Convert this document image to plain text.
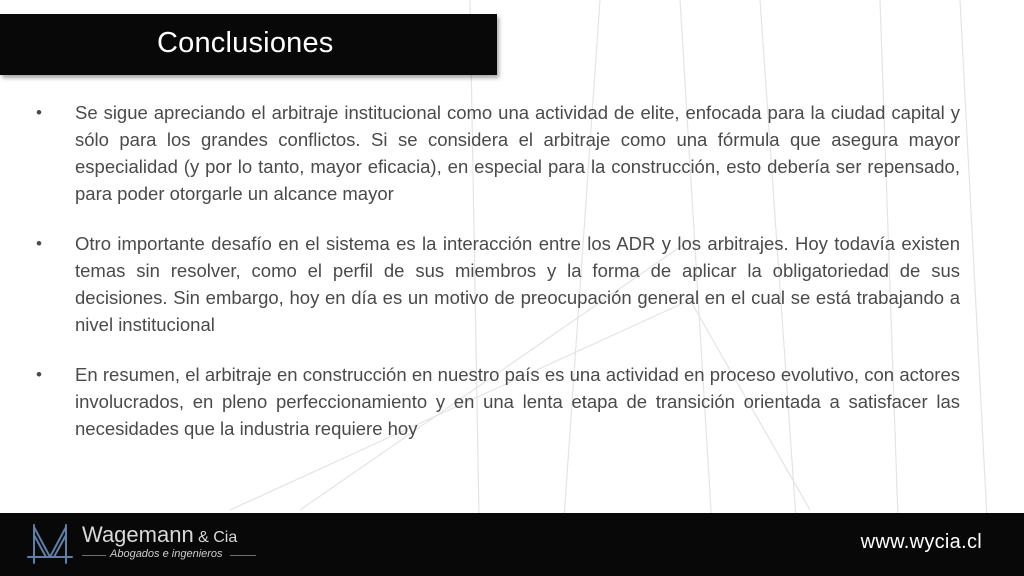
Conclusiones
• Se sigue apreciando el arbitraje institucional como una actividad de elite, enfocada para la ciudad capital y sólo para los grandes conflictos. Si se considera el arbitraje como una fórmula que asegura mayor especialidad (y por lo tanto, mayor eficacia), en especial para la construcción, esto debería ser repensado, para poder otorgarle un alcance mayor
• Otro importante desafío en el sistema es la interacción entre los ADR y los arbitrajes. Hoy todavía existen temas sin resolver, como el perfil de sus miembros y la forma de aplicar la obligatoriedad de sus decisiones. Sin embargo, hoy en día es un motivo de preocupación general en el cual se está trabajando a nivel institucional
• En resumen, el arbitraje en construcción en nuestro país es una actividad en proceso evolutivo, con actores involucrados, en pleno perfeccionamiento y en una lenta etapa de transición orientada a satisfacer las necesidades que la industria requiere hoy
Wagemann & Cia
Abogados e ingenieros
www.wycia.cl
